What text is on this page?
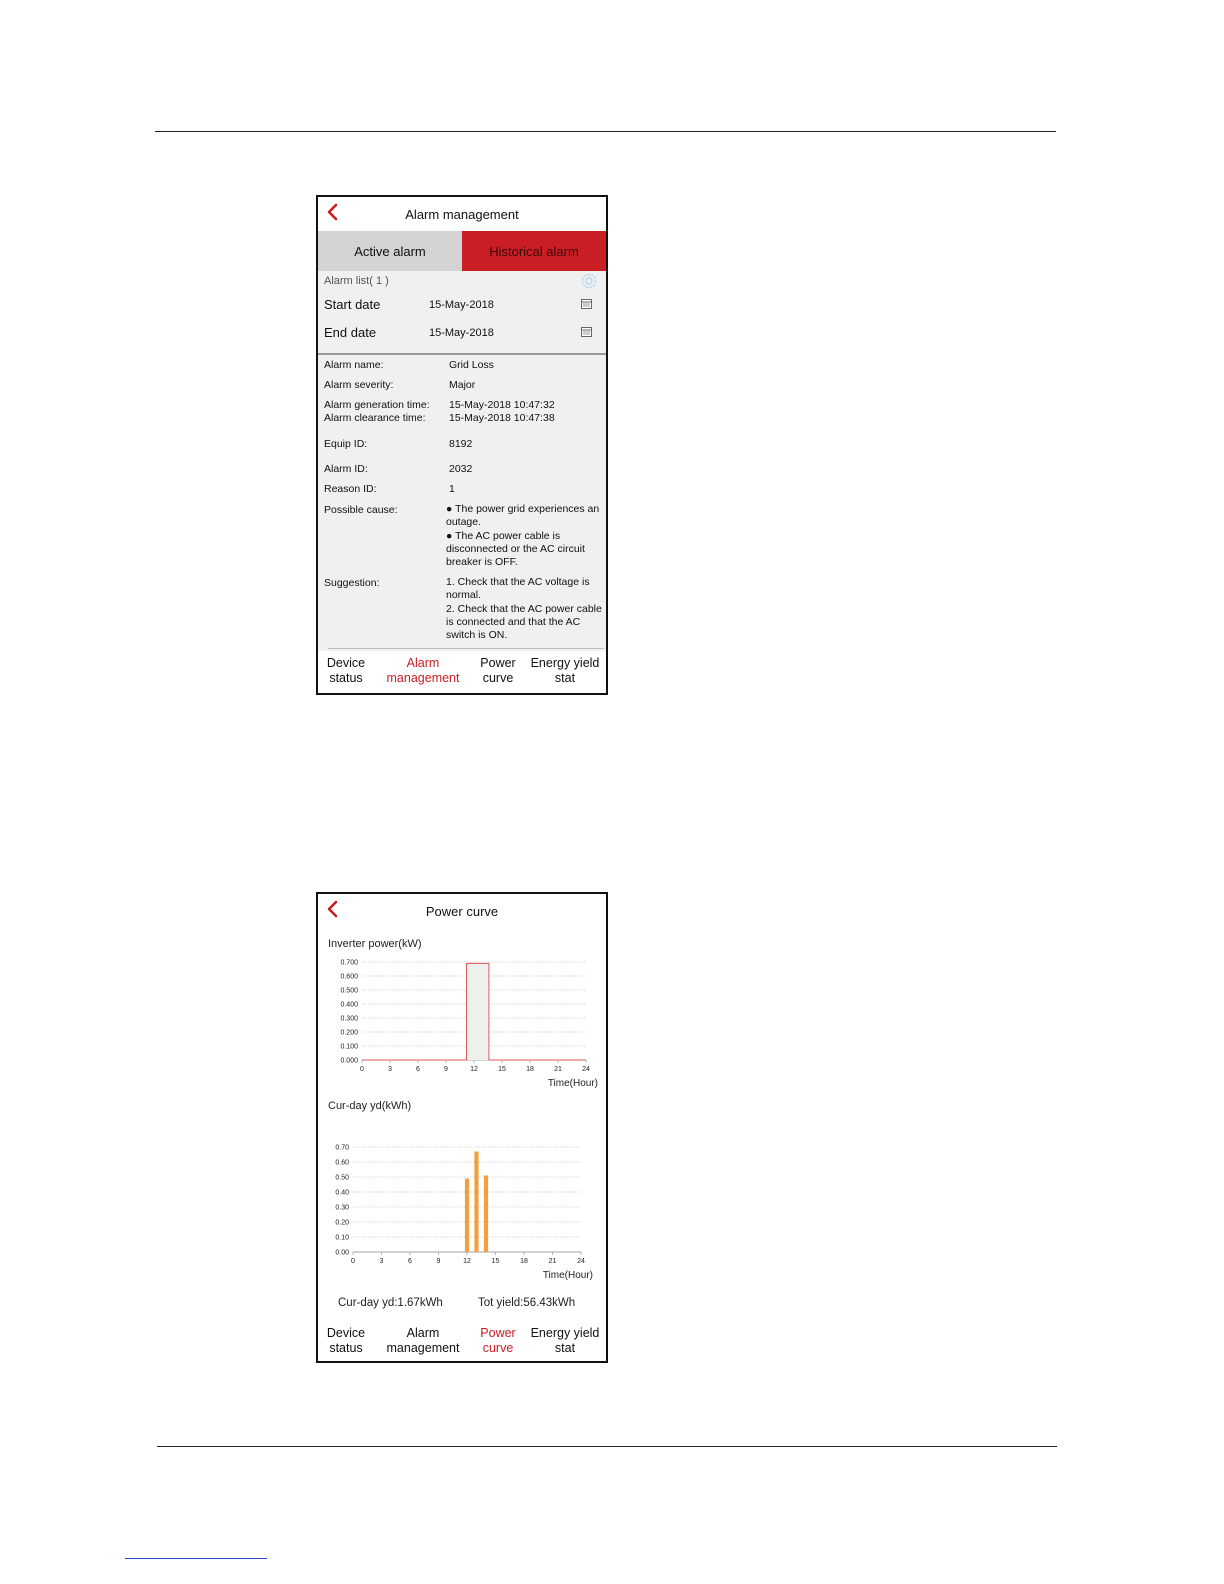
Alarm management
Active alarm	Historical alarm
Alarm list( 1 )
Start date	15-May-2018
End date	15-May-2018
Alarm name:	Grid Loss
Alarm severity:	Major
Alarm generation time: 15-May-2018 10:47:32
Alarm clearance time: 15-May-2018 10:47:38
Equip ID:	8192
Alarm ID:	2032
Reason ID:	1
Possible cause:	● The power grid experiences an outage.
● The AC power cable is disconnected or the AC circuit breaker is OFF.
Suggestion:	1. Check that the AC voltage is normal.
2. Check that the AC power cable is connected and that the AC switch is ON.
Device
status
Alarm
management
Power
curve
Energy yield
stat
Power curve
Inverter power(kW)
0.000
0.100
0.200
0.300
0.400
0.500
0.600
0.700
0	3	6	9	12	15	18	21	24
Time(Hour)
Cur-day yd(kWh)
0.00
0.10
0.20
0.30
0.40
0.50
0.60
0.70
0	3	6	9	12	15	18	21	24
Time(Hour)
Cur-day yd:1.67kWh	Tot yield:56.43kWh
Device
status
Alarm
management
Power
curve
Energy yield
stat
